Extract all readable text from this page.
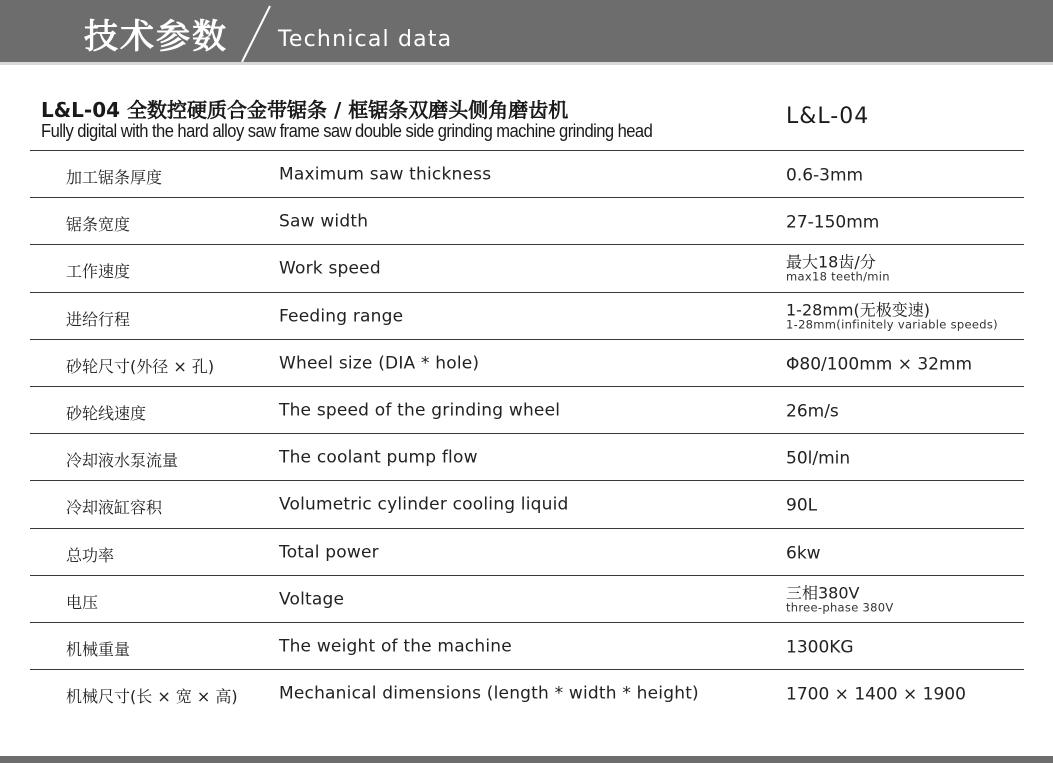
技术参数 Technical data
L&L-04 全数控硬质合金带锯条 / 框锯条双磨头侧角磨齿机
Fully digital with the hard alloy saw frame saw double side grinding machine grinding head
L&L-04
加工锯条厚度	Maximum saw thickness	0.6-3mm
锯条宽度	Saw width	27-150mm
工作速度	Work speed	最大18齿/分
max18 teeth/min
进给行程	Feeding range	1-28mm(无极变速)
1-28mm(infinitely variable speeds)
砂轮尺寸(外径 × 孔)	Wheel size (DIA * hole)	Φ80/100mm × 32mm
砂轮线速度	The speed of the grinding wheel	26m/s
冷却液水泵流量	The coolant pump flow	50l/min
冷却液缸容积	Volumetric cylinder cooling liquid	90L
总功率	Total power	6kw
电压	Voltage	三相380V
three-phase 380V
机械重量	The weight of the machine	1300KG
机械尺寸(长 × 宽 × 高) Mechanical dimensions (length * width * height)	1700 × 1400 × 1900
